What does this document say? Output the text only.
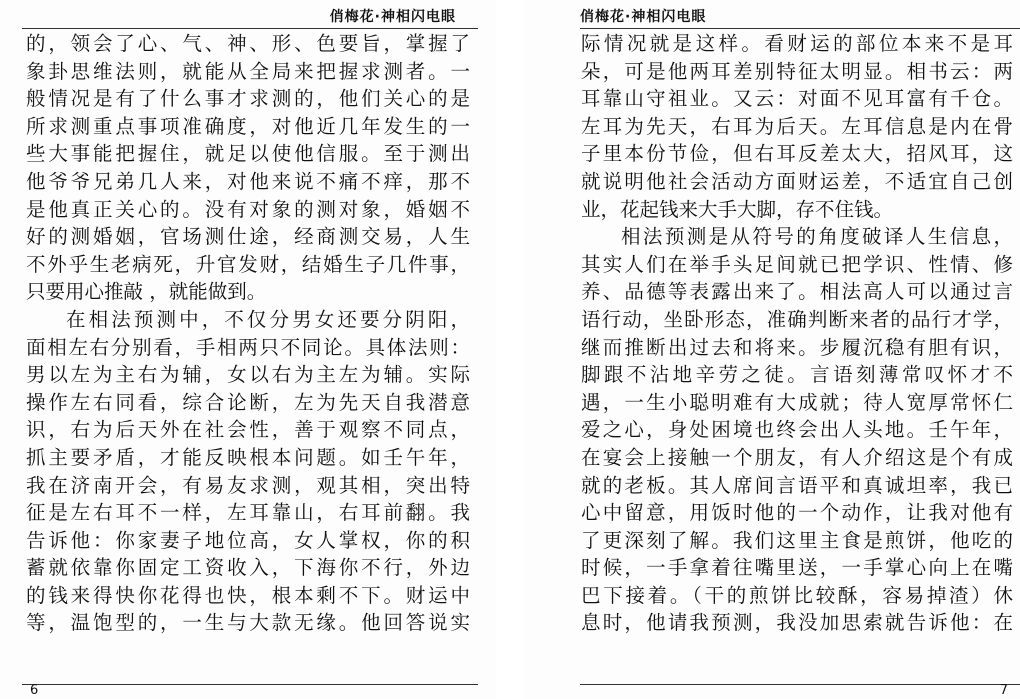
俏梅花·神相闪电眼
的，领会了心、气、神、形、色要旨，掌握了
象卦思维法则，就能从全局来把握求测者。一
般情况是有了什么事才求测的，他们关心的是
所求测重点事项准确度，对他近几年发生的一
些大事能把握住，就足以使他信服。至于测出
他爷爷兄弟几人来，对他来说不痛不痒，那不
是他真正关心的。没有对象的测对象，婚姻不
好的测婚姻，官场测仕途，经商测交易，人生
不外乎生老病死，升官发财，结婚生子几件事，
只要用心推敲 ，就能做到。
在相法预测中，不仅分男女还要分阴阳，
面相左右分别看，手相两只不同论。具体法则：
男以左为主右为辅，女以右为主左为辅。实际
操作左右同看，综合论断，左为先天自我潜意
识，右为后天外在社会性，善于观察不同点，
抓主要矛盾，才能反映根本问题。如壬午年，
我在济南开会，有易友求测，观其相，突出特
征是左右耳不一样，左耳靠山，右耳前翻。我
告诉他：你家妻子地位高，女人掌权，你的积
蓄就依靠你固定工资收入，下海你不行，外边
的钱来得快你花得也快，根本剩不下。财运中
等，温饱型的，一生与大款无缘。他回答说实
6
俏梅花·神相闪电眼
际情况就是这样。看财运的部位本来不是耳
朵，可是他两耳差别特征太明显。相书云：两
耳靠山守祖业。又云：对面不见耳富有千仓。
左耳为先天，右耳为后天。左耳信息是内在骨
子里本份节俭，但右耳反差太大，招风耳，这
就说明他社会活动方面财运差，不适宜自己创
业，花起钱来大手大脚，存不住钱。
相法预测是从符号的角度破译人生信息，
其实人们在举手头足间就已把学识、性情、修
养、品德等表露出来了。相法高人可以通过言
语行动，坐卧形态，准确判断来者的品行才学，
继而推断出过去和将来。步履沉稳有胆有识，
脚跟不沾地辛劳之徒。言语刻薄常叹怀才不
遇，一生小聪明难有大成就；待人宽厚常怀仁
爱之心，身处困境也终会出人头地。壬午年，
在宴会上接触一个朋友，有人介绍这是个有成
就的老板。其人席间言语平和真诚坦率，我已
心中留意，用饭时他的一个动作，让我对他有
了更深刻了解。我们这里主食是煎饼，他吃的
时候，一手拿着往嘴里送，一手掌心向上在嘴
巴下接着。（干的煎饼比较酥，容易掉渣）休
息时，他请我预测，我没加思索就告诉他：在
7
